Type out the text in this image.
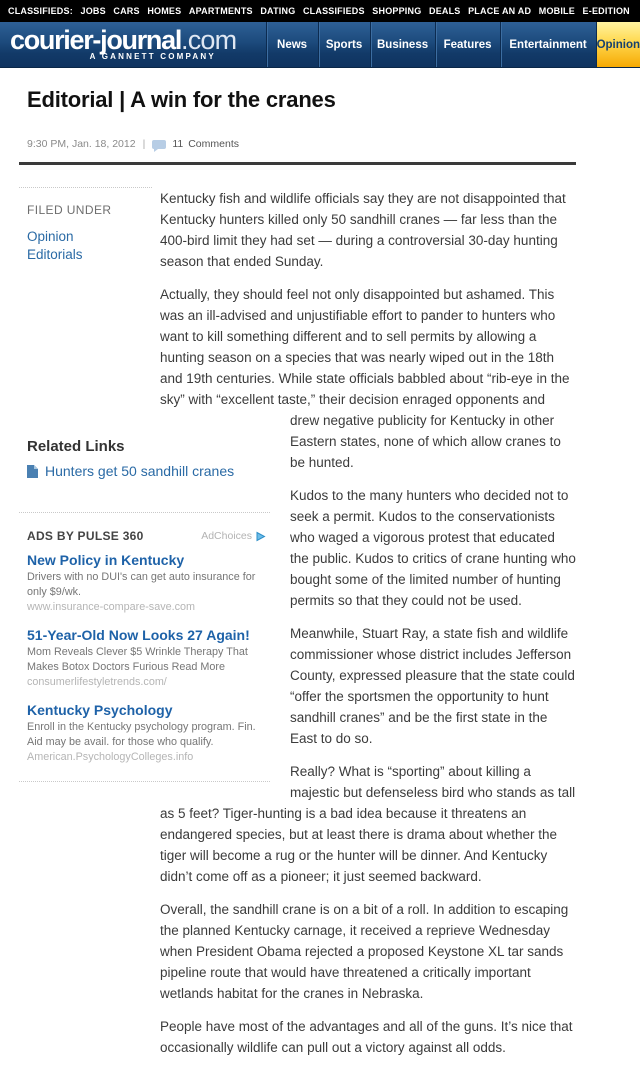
CLASSIFIEDS: JOBS CARS HOMES APARTMENTS DATING CLASSIFIEDS SHOPPING DEALS PLACE AN AD MOBILE E-EDITION
courier-journal.com
A GANNETT COMPANY
News	Sports	Business	Features	Entertainment Opinion
Editorial | A win for the cranes
9:30 PM, Jan. 18, 2012 |	11 Comments
FILED UNDER
Opinion
Editorials
Kentucky fish and wildlife officials say they are not disappointed that Kentucky hunters killed only 50 sandhill cranes — far less than the 400-bird limit they had set — during a controversial 30-day hunting season that ended Sunday.
Actually, they should feel not only disappointed but ashamed. This was an ill-advised and unjustifiable effort to pander to hunters who want to kill something different and to sell permits by allowing a hunting season on a species that was nearly wiped out in the 18th and 19th centuries. While state officials babbled about “rib-eye in the sky” with “excellent taste,” their decision enraged opponents and
Related Links
Hunters get 50 sandhill cranes
ADS BY PULSE 360	AdChoices
New Policy in Kentucky
Drivers with no DUI's can get auto insurance for only $9/wk.
www.insurance-compare-save.com
51-Year-Old Now Looks 27 Again!
Mom Reveals Clever $5 Wrinkle Therapy That Makes Botox Doctors Furious Read More
consumerlifestyletrends.com/
Kentucky Psychology
Enroll in the Kentucky psychology program. Fin. Aid may be avail. for those who qualify.
American.PsychologyColleges.info
drew negative publicity for Kentucky in other Eastern states, none of which allow cranes to be hunted.
Kudos to the many hunters who decided not to seek a permit. Kudos to the conservationists who waged a vigorous protest that educated the public. Kudos to critics of crane hunting who bought some of the limited number of hunting permits so that they could not be used.
Meanwhile, Stuart Ray, a state fish and wildlife commissioner whose district includes Jefferson County, expressed pleasure that the state could “offer the sportsmen the opportunity to hunt sandhill cranes” and be the first state in the East to do so.
Really? What is “sporting” about killing a majestic but defenseless bird who stands as tall as 5 feet? Tiger-hunting is a bad idea because it threatens an endangered species, but at least there is drama about whether the tiger will become a rug or the hunter will be dinner. And Kentucky didn’t come off as a pioneer; it just seemed backward.
Overall, the sandhill crane is on a bit of a roll. In addition to escaping the planned Kentucky carnage, it received a reprieve Wednesday when President Obama rejected a proposed Keystone XL tar sands pipeline route that would have threatened a critically important wetlands habitat for the cranes in Nebraska.
People have most of the advantages and all of the guns. It’s nice that occasionally wildlife can pull out a victory against all odds.
